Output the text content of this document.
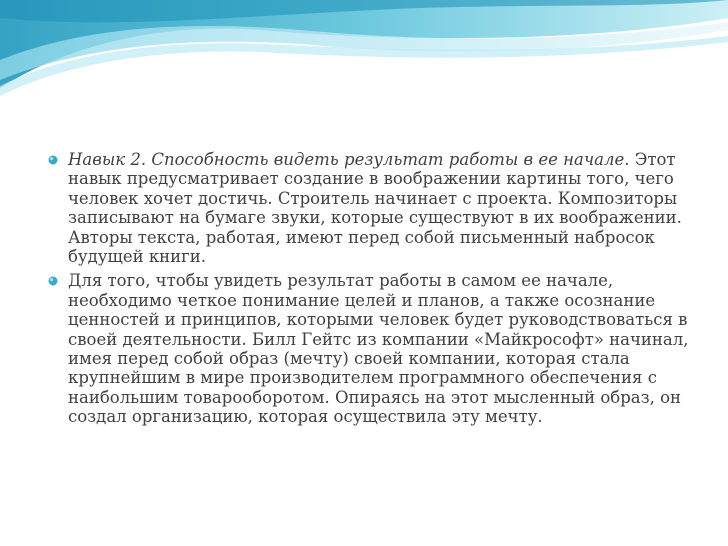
Навык 2. Способность видеть результат работы в ее начале. Этот навык предусматривает создание в воображении картины того, чего человек хочет достичь. Строитель начинает с проекта. Композиторы записывают на бумаге звуки, которые существуют в их воображении. Авторы текста, работая, имеют перед собой письменный набросок будущей книги.
Для того, чтобы увидеть результат работы в самом ее начале, необходимо четкое понимание целей и планов, а также осознание ценностей и принципов, которыми человек будет руководствоваться в своей деятельности. Билл Гейтс из компании «Майкрософт» начинал, имея перед собой образ (мечту) своей компании, которая стала крупнейшим в мире производителем программного обеспечения с наибольшим товарооборотом. Опираясь на этот мысленный образ, он создал организацию, которая осуществила эту мечту.
